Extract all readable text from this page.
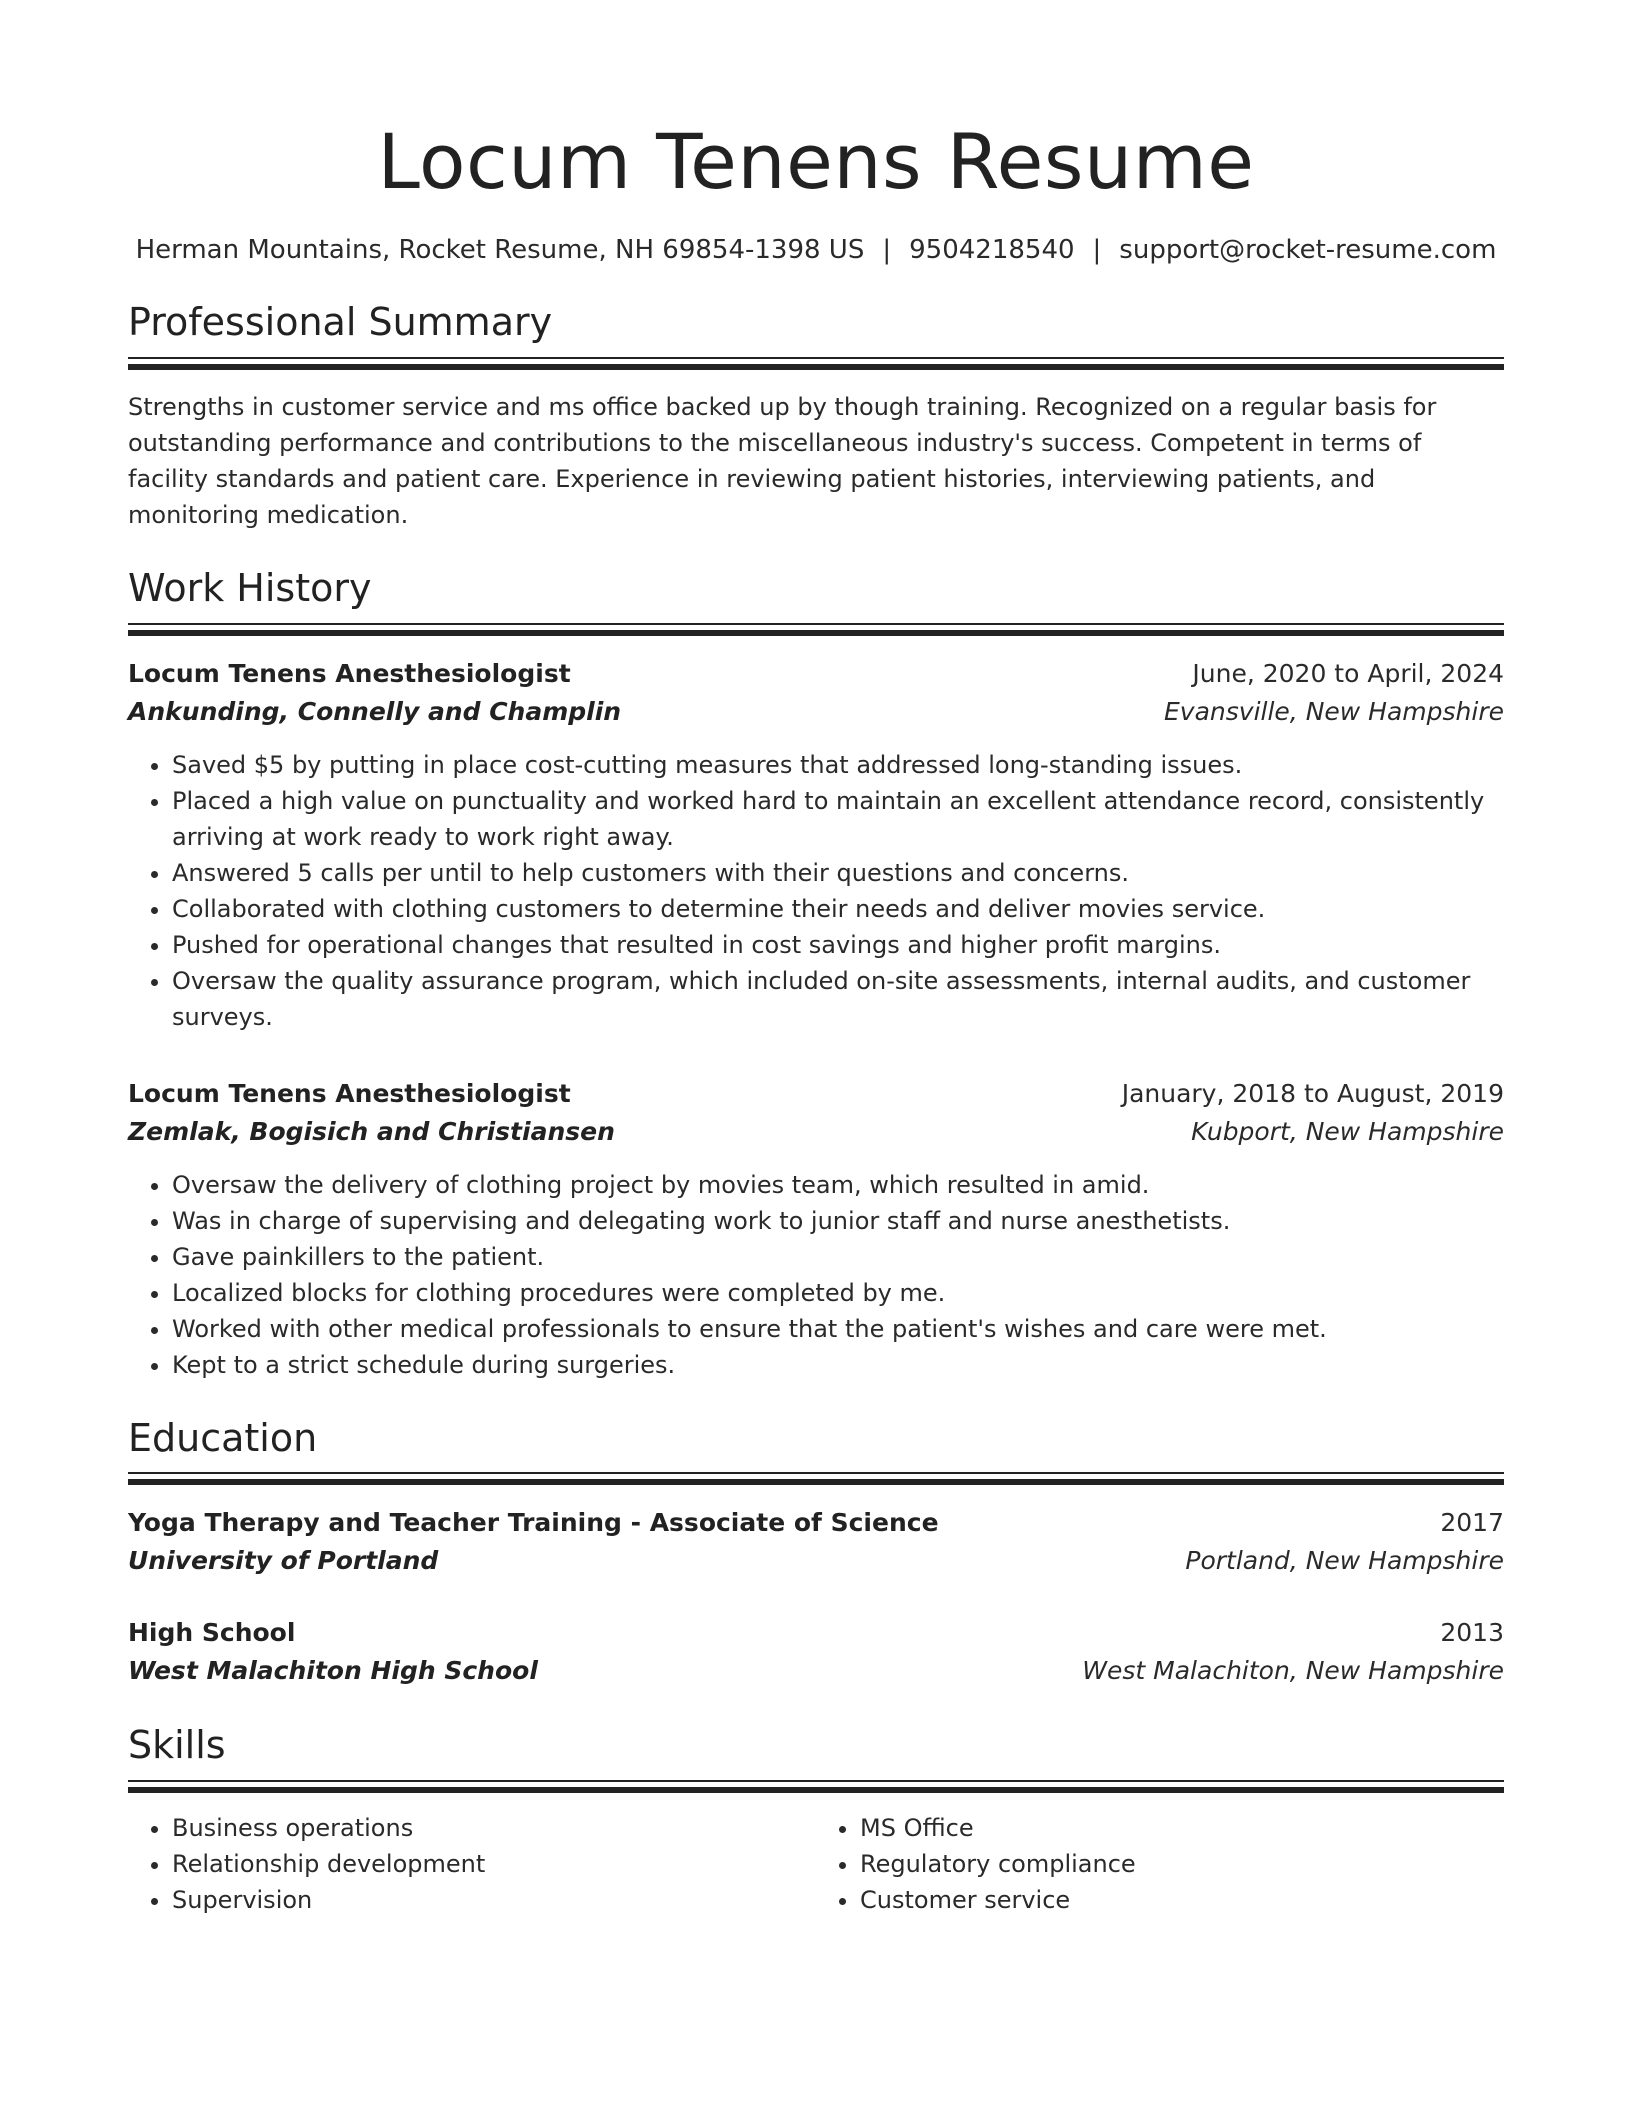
Locum Tenens Resume
Herman Mountains, Rocket Resume, NH 69854-1398 US | 9504218540 | support@rocket-resume.com
Professional Summary

Strengths in customer service and ms office backed up by though training. Recognized on a regular basis for outstanding performance and contributions to the miscellaneous industry's success. Competent in terms of facility standards and patient care. Experience in reviewing patient histories, interviewing patients, and monitoring medication.

Work History
Locum Tenens Anesthesiologist	June, 2020 to April, 2024
Ankunding, Connelly and Champlin	Evansville, New Hampshire
• Saved $5 by putting in place cost-cutting measures that addressed long-standing issues.
• Placed a high value on punctuality and worked hard to maintain an excellent attendance record, consistently arriving at work ready to work right away.
• Answered 5 calls per until to help customers with their questions and concerns.
• Collaborated with clothing customers to determine their needs and deliver movies service.
• Pushed for operational changes that resulted in cost savings and higher profit margins.
• Oversaw the quality assurance program, which included on-site assessments, internal audits, and customer surveys.
Locum Tenens Anesthesiologist	January, 2018 to August, 2019
Zemlak, Bogisich and Christiansen	Kubport, New Hampshire
• Oversaw the delivery of clothing project by movies team, which resulted in amid.
• Was in charge of supervising and delegating work to junior staff and nurse anesthetists.
• Gave painkillers to the patient.
• Localized blocks for clothing procedures were completed by me.
• Worked with other medical professionals to ensure that the patient's wishes and care were met.
• Kept to a strict schedule during surgeries.
Education
Yoga Therapy and Teacher Training - Associate of Science	2017
University of Portland	Portland, New Hampshire
High School	2013
West Malachiton High School	West Malachiton, New Hampshire
Skills
• Business operations
• Relationship development
• Supervision
• MS Office
• Regulatory compliance
• Customer service
